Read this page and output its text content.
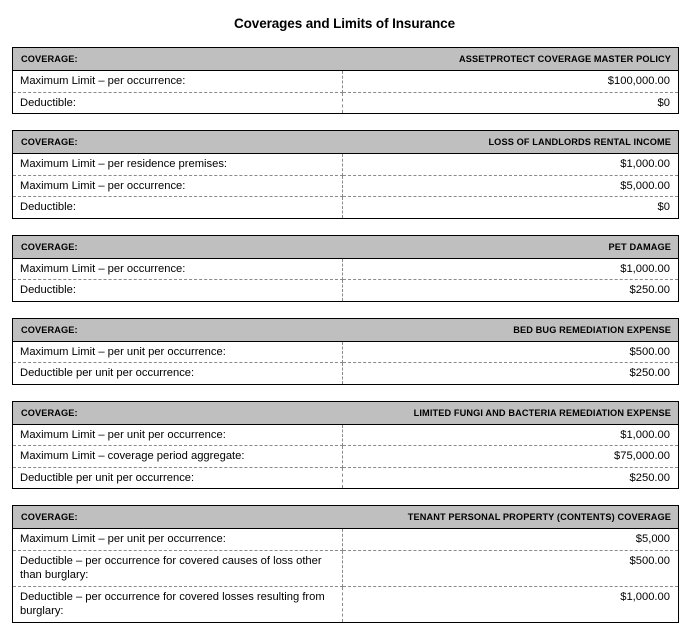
Coverages and Limits of Insurance
COVERAGE:	ASSETPROTECT COVERAGE MASTER POLICY
Maximum Limit – per occurrence:	$100,000.00
Deductible:	$0
COVERAGE:	LOSS OF LANDLORDS RENTAL INCOME
Maximum Limit – per residence premises:	$1,000.00
Maximum Limit – per occurrence:	$5,000.00
Deductible:	$0
COVERAGE:	PET DAMAGE
Maximum Limit – per occurrence:	$1,000.00
Deductible:	$250.00
COVERAGE:	BED BUG REMEDIATION EXPENSE
Maximum Limit – per unit per occurrence:	$500.00
Deductible per unit per occurrence:	$250.00
COVERAGE:	LIMITED FUNGI AND BACTERIA REMEDIATION EXPENSE
Maximum Limit – per unit per occurrence:	$1,000.00
Maximum Limit – coverage period aggregate:	$75,000.00
Deductible per unit per occurrence:	$250.00
COVERAGE:	TENANT PERSONAL PROPERTY (CONTENTS) COVERAGE
Maximum Limit – per unit per occurrence:	$5,000
Deductible – per occurrence for covered causes of loss other than burglary:	$500.00
Deductible – per occurrence for covered losses resulting from burglary:	$1,000.00
